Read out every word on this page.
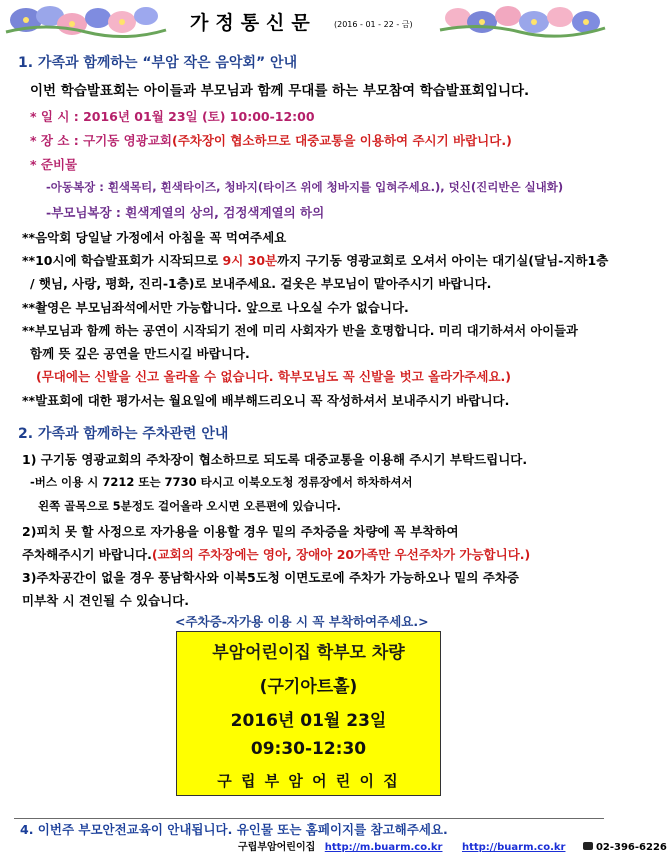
가정통신문 (2016 - 01 - 22 - 금)
1. 가족과 함께하는 “부암 작은 음악회” 안내
이번 학습발표회는 아이들과 부모님과 함께 무대를 하는 부모참여 학습발표회입니다.
* 일 시 : 2016년 01월 23일 (토) 10:00-12:00
* 장 소 : 구기동 영광교회(주차장이 협소하므로 대중교통을 이용하여 주시기 바랍니다.)
* 준비물
-아동복장 : 흰색목티, 흰색타이즈, 청바지(타이즈 위에 청바지를 입혀주세요.), 덧신(진리반은 실내화)
-부모님복장 : 흰색계열의 상의, 검정색계열의 하의
**음악회 당일날 가정에서 아침을 꼭 먹여주세요
**10시에 학습발표회가 시작되므로 9시 30분까지 구기동 영광교회로 오셔서 아이는 대기실(달님-지하1층
/ 햇님, 사랑, 평화, 진리-1층)로 보내주세요. 겉옷은 부모님이 맡아주시기 바랍니다.
**촬영은 부모님좌석에서만 가능합니다. 앞으로 나오실 수가 없습니다.
**부모님과 함께 하는 공연이 시작되기 전에 미리 사회자가 반을 호명합니다. 미리 대기하셔서 아이들과
함께 뜻 깊은 공연을 만드시길 바랍니다.
(무대에는 신발을 신고 올라올 수 없습니다. 학부모님도 꼭 신발을 벗고 올라가주세요.)
**발표회에 대한 평가서는 월요일에 배부해드리오니 꼭 작성하셔서 보내주시기 바랍니다.
2. 가족과 함께하는 주차관련 안내
1) 구기동 영광교회의 주차장이 협소하므로 되도록 대중교통을 이용해 주시기 부탁드립니다.
-버스 이용 시 7212 또는 7730 타시고 이북오도청 정류장에서 하차하셔서
왼쪽 골목으로 5분정도 걸어올라 오시면 오른편에 있습니다.
2)피치 못 할 사정으로 자가용을 이용할 경우 밑의 주차증을 차량에 꼭 부착하여
주차해주시기 바랍니다.(교회의 주차장에는 영아, 장애아 20가족만 우선주차가 가능합니다.)
3)주차공간이 없을 경우 풍남학사와 이북5도청 이면도로에 주차가 가능하오나 밑의 주차증
미부착 시 견인될 수 있습니다.
<주차증-자가용 이용 시 꼭 부착하여주세요.>
부암어린이집 학부모 차량
(구기아트홀)
2016년 01월 23일
09:30-12:30
구 립 부 암 어 린 이 집
4. 이번주 부모안전교육이 안내됩니다. 유인물 또는 홈페이지를 참고해주세요.
구립부암어린이집 http://m.buarm.co.kr http://buarm.co.kr	02-396-6226
